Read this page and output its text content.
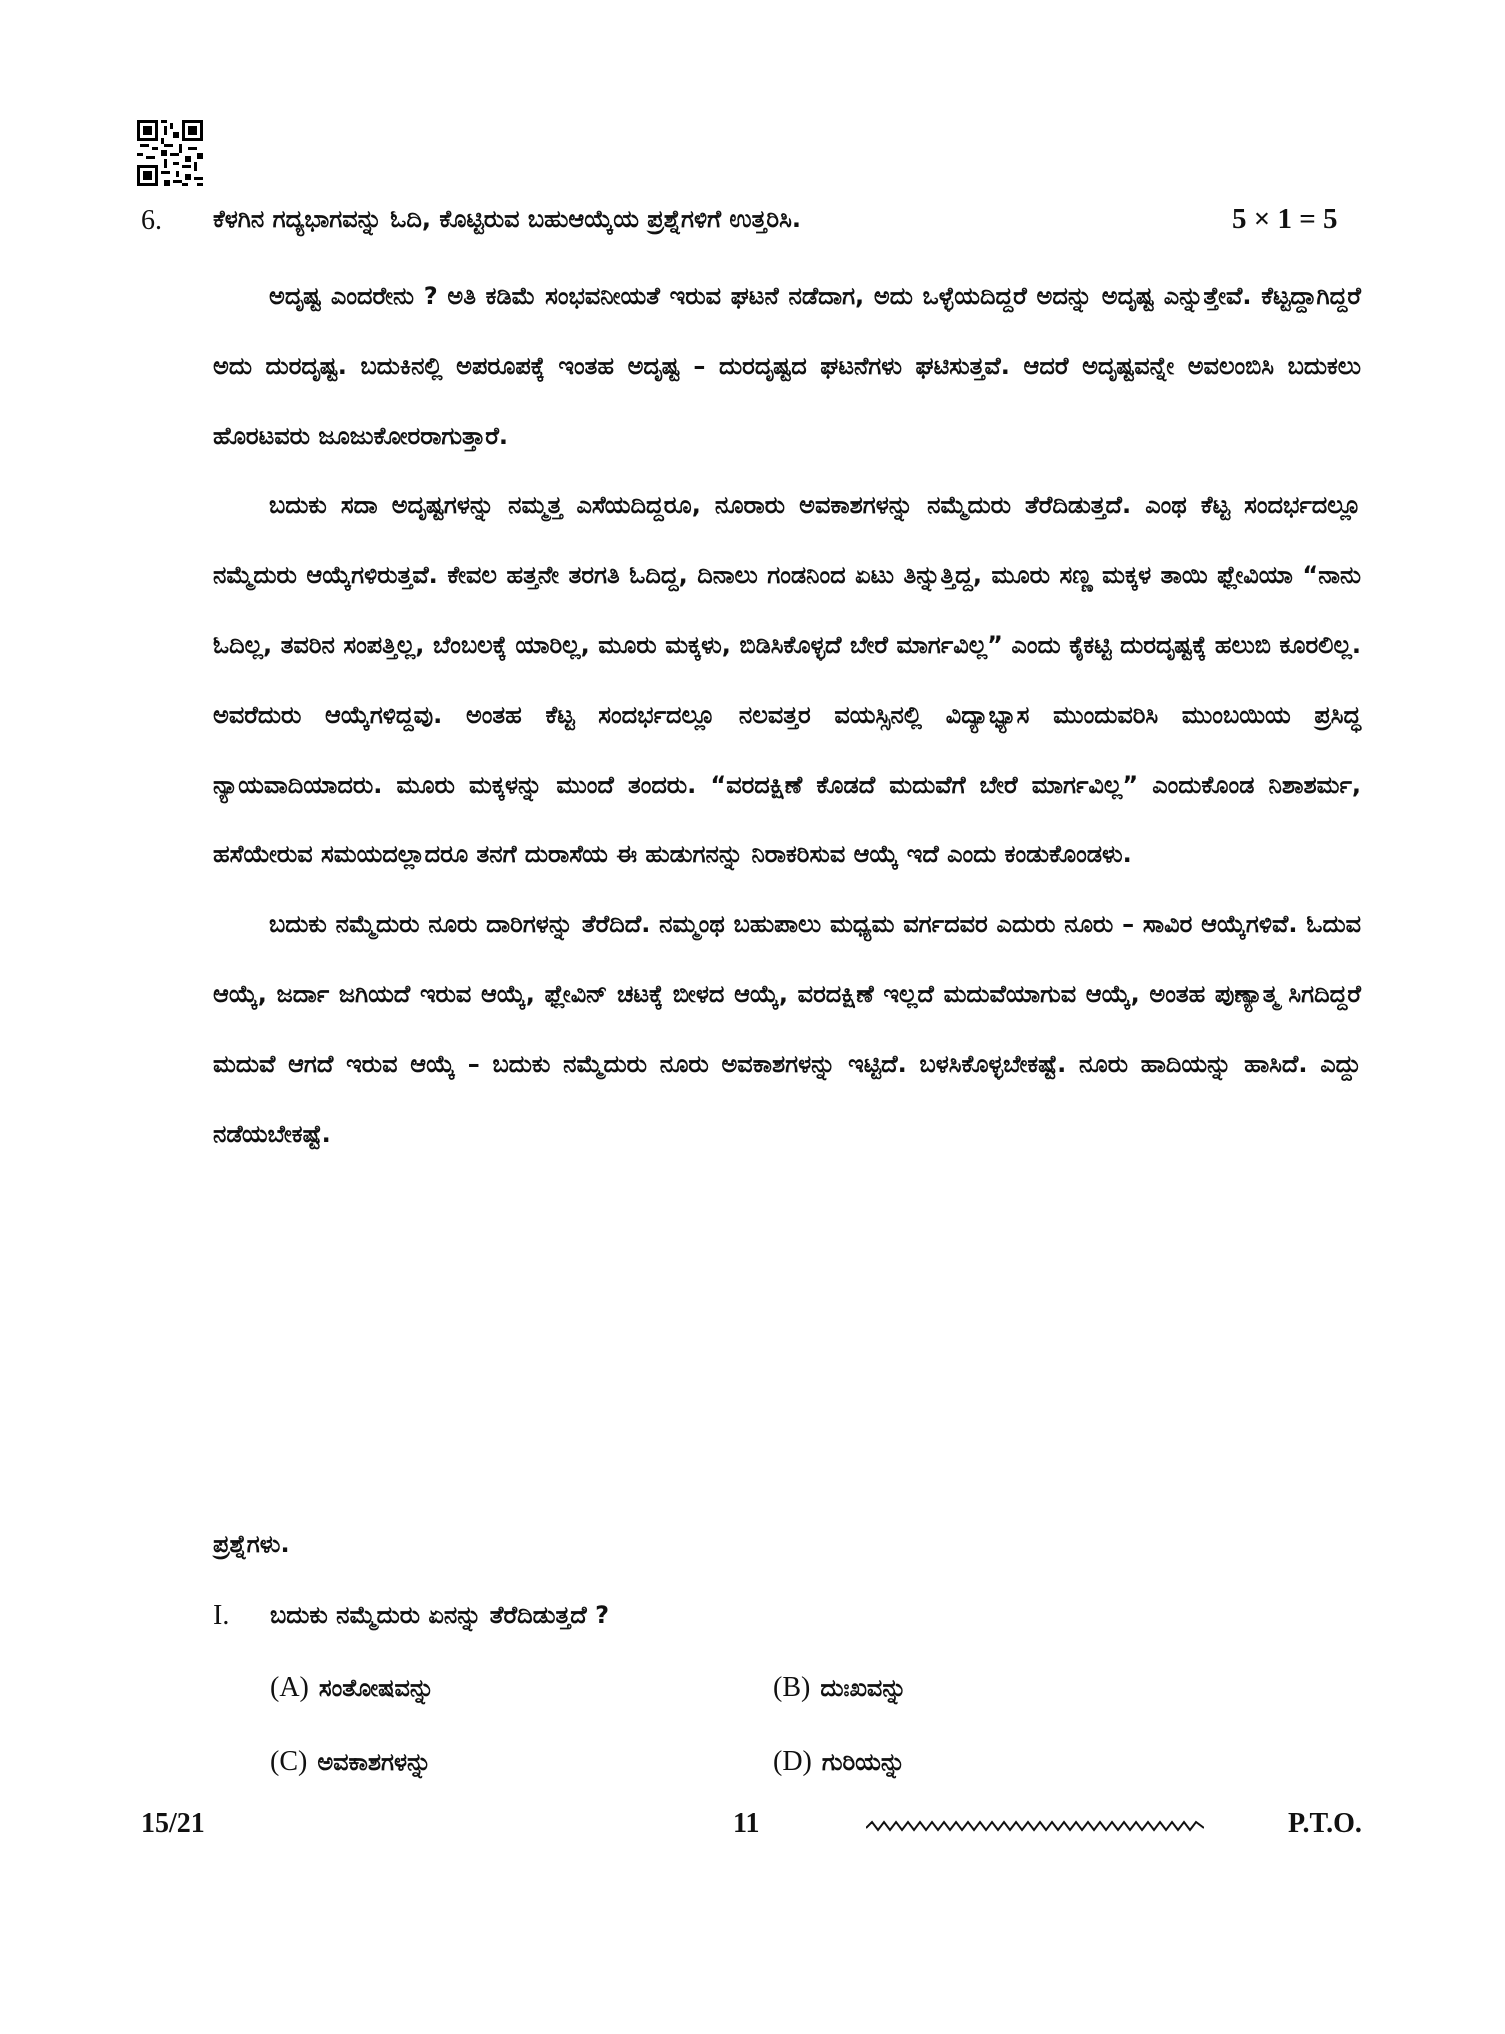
6. ಕೆಳಗಿನ ಗದ್ಯಭಾಗವನ್ನು ಓದಿ, ಕೊಟ್ಟಿರುವ ಬಹುಆಯ್ಕೆಯ ಪ್ರಶ್ನೆಗಳಿಗೆ ಉತ್ತರಿಸಿ.	5 × 1 = 5

ಅದೃಷ್ಟ ಎಂದರೇನು ? ಅತಿ ಕಡಿಮೆ ಸಂಭವನೀಯತೆ ಇರುವ ಘಟನೆ ನಡೆದಾಗ, ಅದು ಒಳ್ಳೆಯದಿದ್ದರೆ ಅದನ್ನು ಅದೃಷ್ಟ ಎನ್ನುತ್ತೇವೆ. ಕೆಟ್ಟದ್ದಾಗಿದ್ದರೆ ಅದು ದುರದೃಷ್ಟ. ಬದುಕಿನಲ್ಲಿ ಅಪರೂಪಕ್ಕೆ ಇಂತಹ ಅದೃಷ್ಟ – ದುರದೃಷ್ಟದ ಘಟನೆಗಳು ಘಟಿಸುತ್ತವೆ. ಆದರೆ ಅದೃಷ್ಟವನ್ನೇ ಅವಲಂಬಿಸಿ ಬದುಕಲು ಹೊರಟವರು ಜೂಜುಕೋರರಾಗುತ್ತಾರೆ.

ಬದುಕು ಸದಾ ಅದೃಷ್ಟಗಳನ್ನು ನಮ್ಮತ್ತ ಎಸೆಯದಿದ್ದರೂ, ನೂರಾರು ಅವಕಾಶಗಳನ್ನು ನಮ್ಮೆದುರು ತೆರೆದಿಡುತ್ತದೆ. ಎಂಥ ಕೆಟ್ಟ ಸಂದರ್ಭದಲ್ಲೂ ನಮ್ಮೆದುರು ಆಯ್ಕೆಗಳಿರುತ್ತವೆ. ಕೇವಲ ಹತ್ತನೇ ತರಗತಿ ಓದಿದ್ದ, ದಿನಾಲು ಗಂಡನಿಂದ ಏಟು ತಿನ್ನುತ್ತಿದ್ದ, ಮೂರು ಸಣ್ಣ ಮಕ್ಕಳ ತಾಯಿ ಫ್ಲೇವಿಯಾ “ನಾನು ಓದಿಲ್ಲ, ತವರಿನ ಸಂಪತ್ತಿಲ್ಲ, ಬೆಂಬಲಕ್ಕೆ ಯಾರಿಲ್ಲ, ಮೂರು ಮಕ್ಕಳು, ಬಿಡಿಸಿಕೊಳ್ಳದೆ ಬೇರೆ ಮಾರ್ಗವಿಲ್ಲ” ಎಂದು ಕೈಕಟ್ಟಿ ದುರದೃಷ್ಟಕ್ಕೆ ಹಲುಬಿ ಕೂರಲಿಲ್ಲ. ಅವರೆದುರು ಆಯ್ಕೆಗಳಿದ್ದವು. ಅಂತಹ ಕೆಟ್ಟ ಸಂದರ್ಭದಲ್ಲೂ ನಲವತ್ತರ ವಯಸ್ಸಿನಲ್ಲಿ ವಿದ್ಯಾಭ್ಯಾಸ ಮುಂದುವರಿಸಿ ಮುಂಬಯಿಯ ಪ್ರಸಿದ್ಧ ನ್ಯಾಯವಾದಿಯಾದರು. ಮೂರು ಮಕ್ಕಳನ್ನು ಮುಂದೆ ತಂದರು. “ವರದಕ್ಷಿಣೆ ಕೊಡದೆ ಮದುವೆಗೆ ಬೇರೆ ಮಾರ್ಗವಿಲ್ಲ” ಎಂದುಕೊಂಡ ನಿಶಾಶರ್ಮ, ಹಸೆಯೇರುವ ಸಮಯದಲ್ಲಾದರೂ ತನಗೆ ದುರಾಸೆಯ ಈ ಹುಡುಗನನ್ನು ನಿರಾಕರಿಸುವ ಆಯ್ಕೆ ಇದೆ ಎಂದು ಕಂಡುಕೊಂಡಳು.

ಬದುಕು ನಮ್ಮೆದುರು ನೂರು ದಾರಿಗಳನ್ನು ತೆರೆದಿದೆ. ನಮ್ಮಂಥ ಬಹುಪಾಲು ಮಧ್ಯಮ ವರ್ಗದವರ ಎದುರು ನೂರು – ಸಾವಿರ ಆಯ್ಕೆಗಳಿವೆ. ಓದುವ ಆಯ್ಕೆ, ಜರ್ದಾ ಜಗಿಯದೆ ಇರುವ ಆಯ್ಕೆ, ಫ್ಲೇವಿನ್ ಚಟಕ್ಕೆ ಬೀಳದ ಆಯ್ಕೆ, ವರದಕ್ಷಿಣೆ ಇಲ್ಲದೆ ಮದುವೆಯಾಗುವ ಆಯ್ಕೆ, ಅಂತಹ ಪುಣ್ಯಾತ್ಮ ಸಿಗದಿದ್ದರೆ ಮದುವೆ ಆಗದೆ ಇರುವ ಆಯ್ಕೆ – ಬದುಕು ನಮ್ಮೆದುರು ನೂರು ಅವಕಾಶಗಳನ್ನು ಇಟ್ಟಿದೆ. ಬಳಸಿಕೊಳ್ಳಬೇಕಷ್ಟೆ. ನೂರು ಹಾದಿಯನ್ನು ಹಾಸಿದೆ. ಎದ್ದು ನಡೆಯಬೇಕಷ್ಟೆ.

ಪ್ರಶ್ನೆಗಳು.
I. ಬದುಕು ನಮ್ಮೆದುರು ಏನನ್ನು ತೆರೆದಿಡುತ್ತದೆ ?
(A) ಸಂತೋಷವನ್ನು	(B) ದುಃಖವನ್ನು
(C) ಅವಕಾಶಗಳನ್ನು	(D) ಗುರಿಯನ್ನು
15/21	11	P.T.O.
